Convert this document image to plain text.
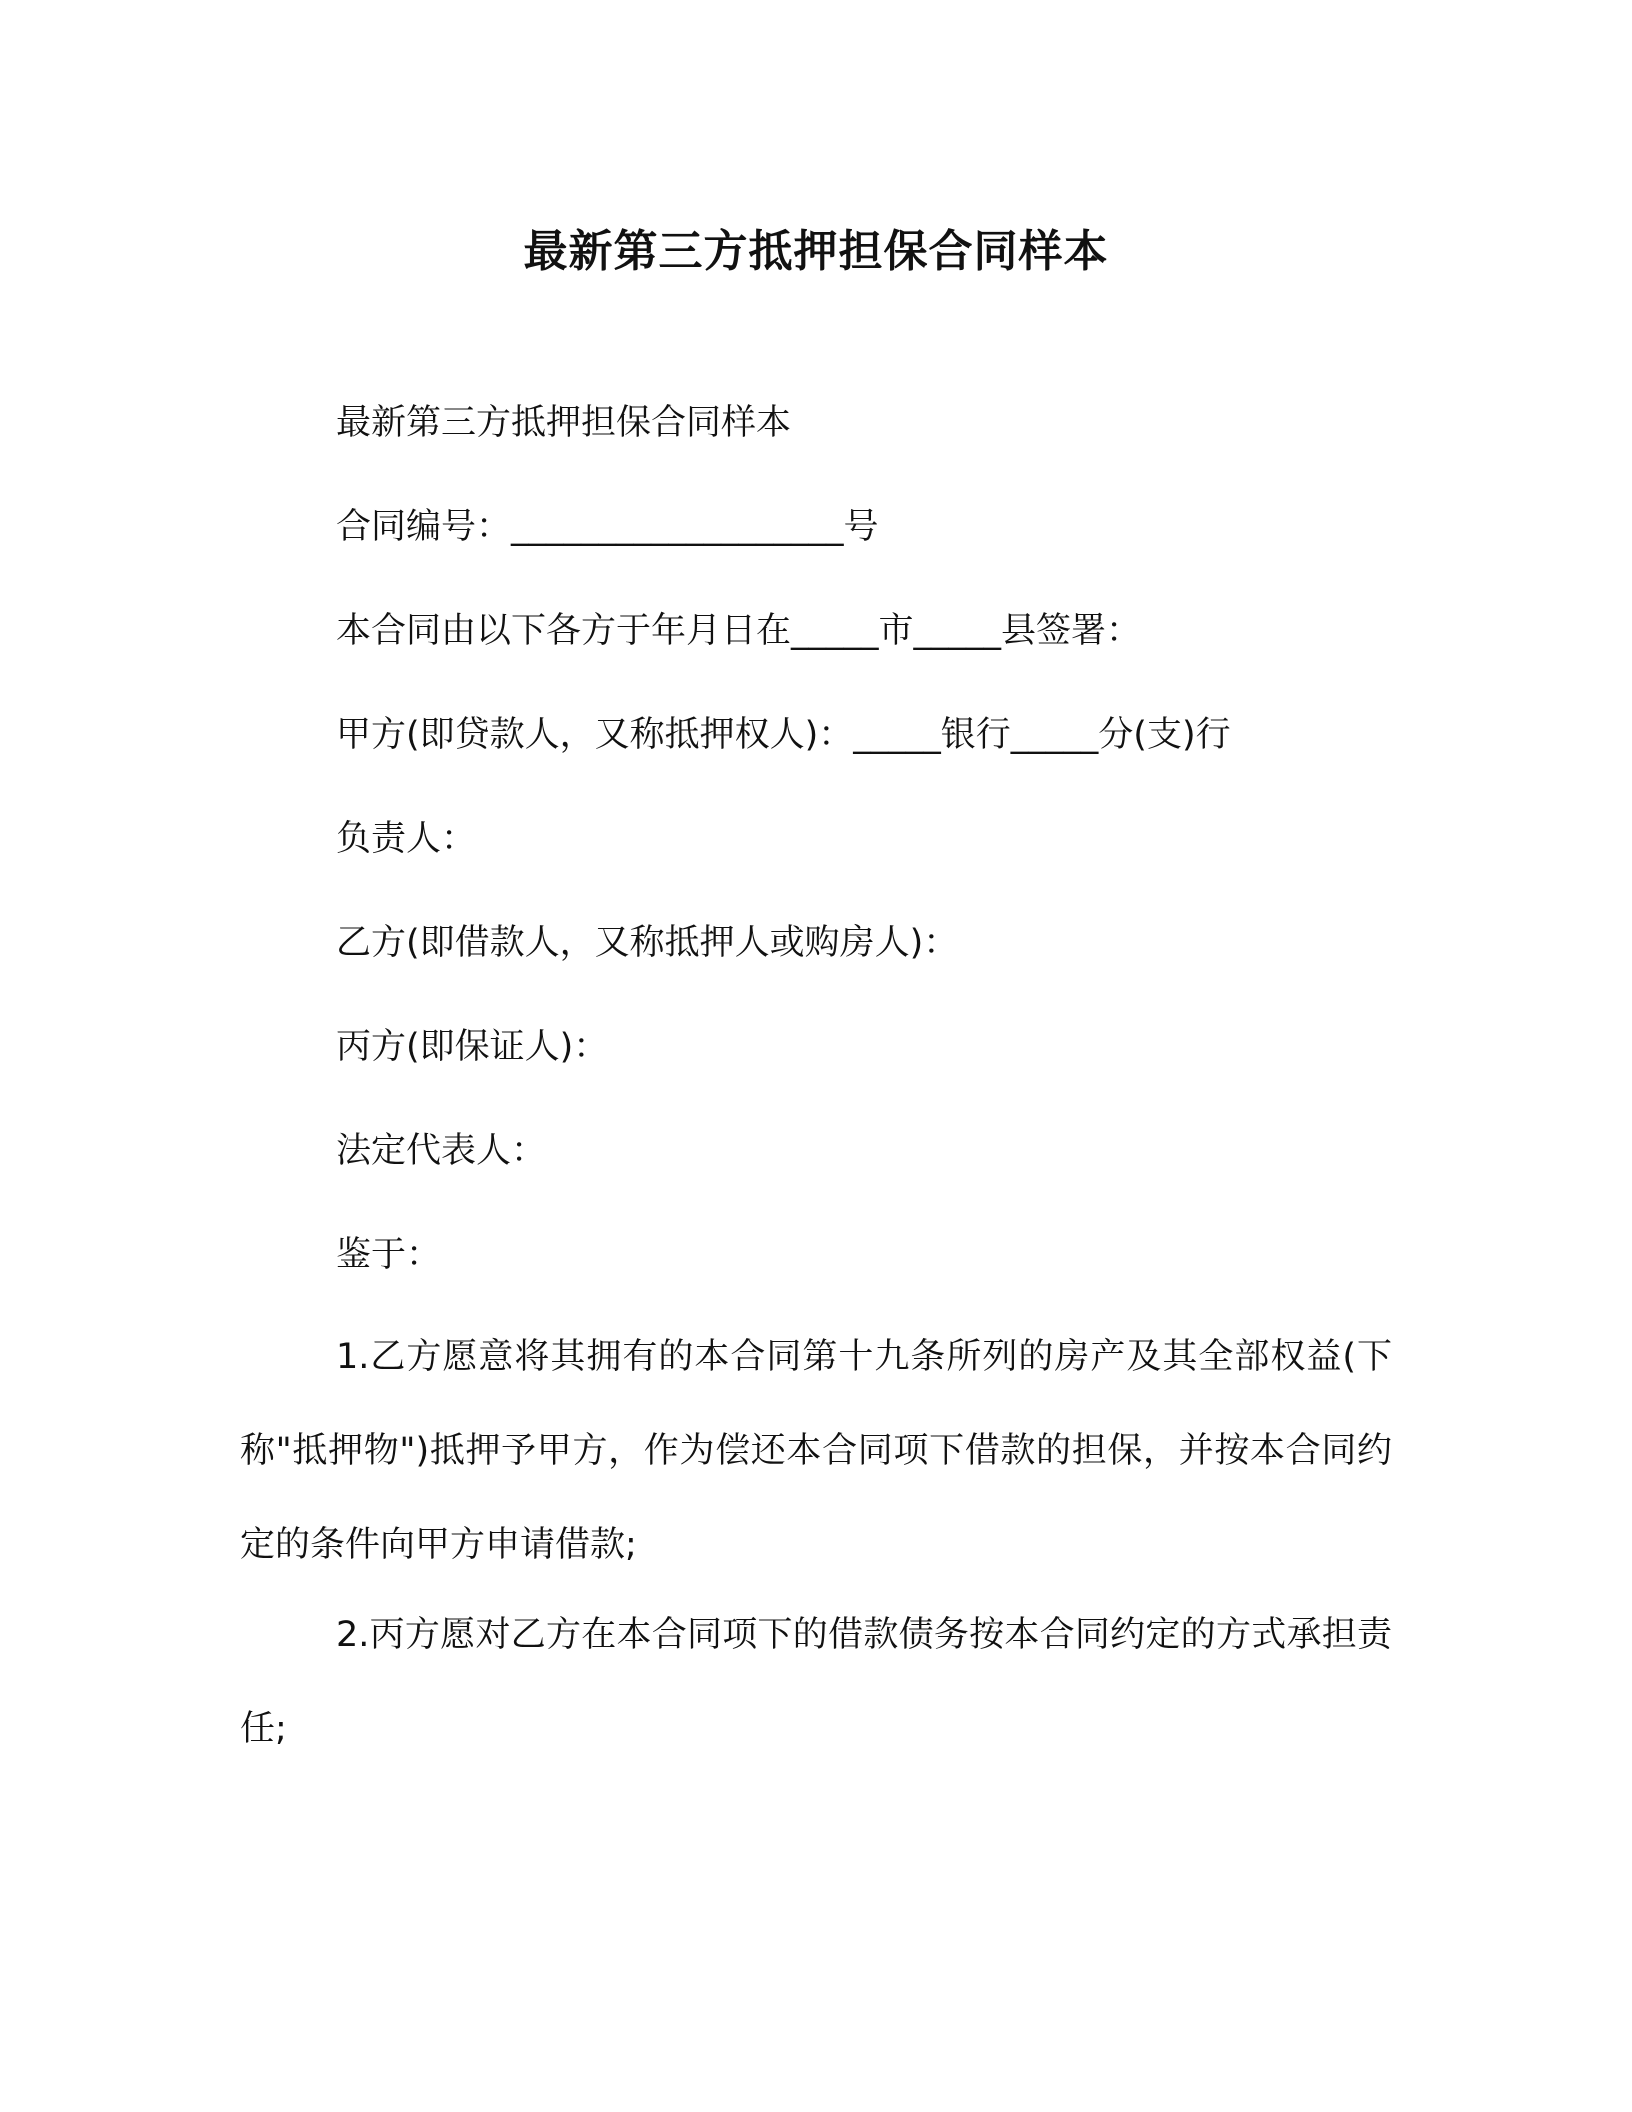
最新第三方抵押担保合同样本
最新第三方抵押担保合同样本
合同编号：___________________号
本合同由以下各方于年月日在_____市_____县签署：
甲方(即贷款人，又称抵押权人)：_____银行_____分(支)行
负责人：
乙方(即借款人，又称抵押人或购房人)：
丙方(即保证人)：
法定代表人：
鉴于：
1.乙方愿意将其拥有的本合同第十九条所列的房产及其全部权益(下称"抵押物")抵押予甲方，作为偿还本合同项下借款的担保，并按本合同约定的条件向甲方申请借款;
2.丙方愿对乙方在本合同项下的借款债务按本合同约定的方式承担责任;
